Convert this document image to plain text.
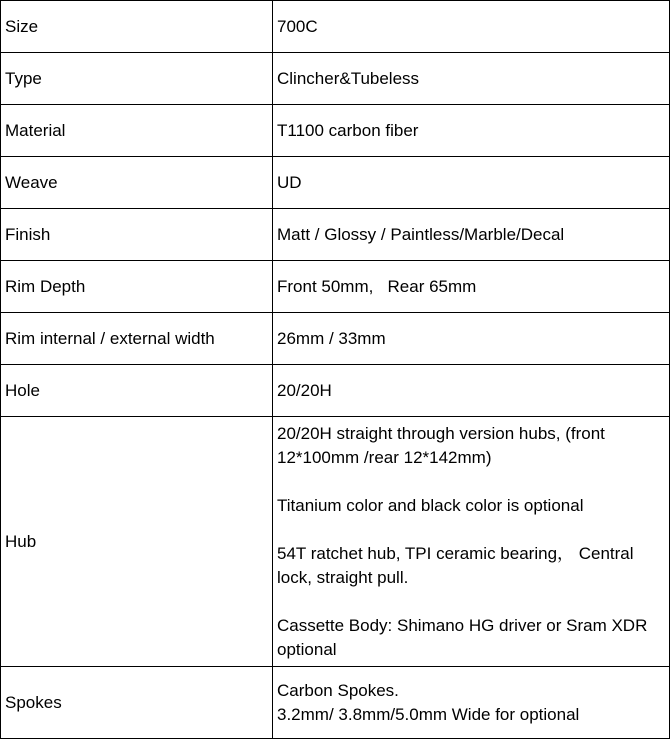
Size	700C
Type	Clincher&Tubeless
Material	T1100 carbon fiber
Weave	UD
Finish	Matt / Glossy / Paintless/Marble/Decal
Rim Depth	Front 50mm,   Rear 65mm
Rim internal / external width	26mm / 33mm
Hole	20/20H
Hub	20/20H straight through version hubs, (front 12*100mm /rear 12*142mm)
Titanium color and black color is optional
54T ratchet hub, TPI ceramic bearing， Central lock, straight pull.
Cassette Body: Shimano HG driver or Sram XDR optional

Spokes	Carbon Spokes.
3.2mm/ 3.8mm/5.0mm Wide for optional
